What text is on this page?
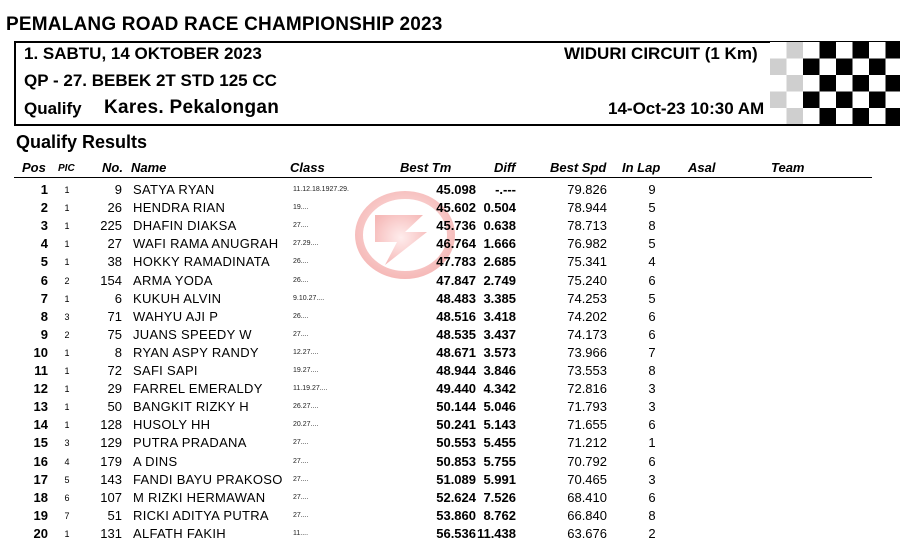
PEMALANG ROAD RACE CHAMPIONSHIP 2023
1. SABTU, 14 OKTOBER 2023
QP - 27. BEBEK 2T STD 125 CC
Qualify Kares. Pekalongan
WIDURI CIRCUIT (1 Km)
14-Oct-23 10:30 AM
Qualify Results
Pos PIC No. Name	Class	Best Tm	Diff	Best Spd In Lap Asal	Team
1	1	9 SATYA RYAN	11.12.18.1927.29.	45.098	-.---	79.826	9
2	1	26 HENDRA RIAN	19....	45.602 0.504	78.944	5
3	1	225 DHAFIN DIAKSA	27....	45.736 0.638	78.713	8
4	1	27 WAFI RAMA ANUGRAH 27.29....	46.764 1.666	76.982	5
5	1	38 HOKKY RAMADINATA	26....	47.783 2.685	75.341	4
6	2	154 ARMA YODA	26....	47.847 2.749	75.240	6
7	1	6 KUKUH ALVIN	9.10.27....	48.483 3.385	74.253	5
8	3	71 WAHYU AJI P	26....	48.516 3.418	74.202	6
9	2	75 JUANS SPEEDY W	27....	48.535 3.437	74.173	6
10	1	8 RYAN ASPY RANDY	12.27....	48.671 3.573	73.966	7
11	1	72 SAFI SAPI	19.27....	48.944 3.846	73.553	8
12	1	29 FARREL EMERALDY	11.19.27....	49.440 4.342	72.816	3
13	1	50 BANGKIT RIZKY H	26.27....	50.144 5.046	71.793	3
14	1	128 HUSOLY HH	20.27....	50.241 5.143	71.655	6
15	3	129 PUTRA PRADANA	27....	50.553 5.455	71.212	1
16	4	179 A DINS	27....	50.853 5.755	70.792	6
17	5	143 FANDI BAYU PRAKOSO 27....	51.089 5.991	70.465	3
18	6	107 M RIZKI HERMAWAN	27....	52.624 7.526	68.410	6
19	7	51 RICKI ADITYA PUTRA	27....	53.860 8.762	66.840	8
20	1	131 ALFATH FAKIH	11....	56.536 11.438	63.676	2
